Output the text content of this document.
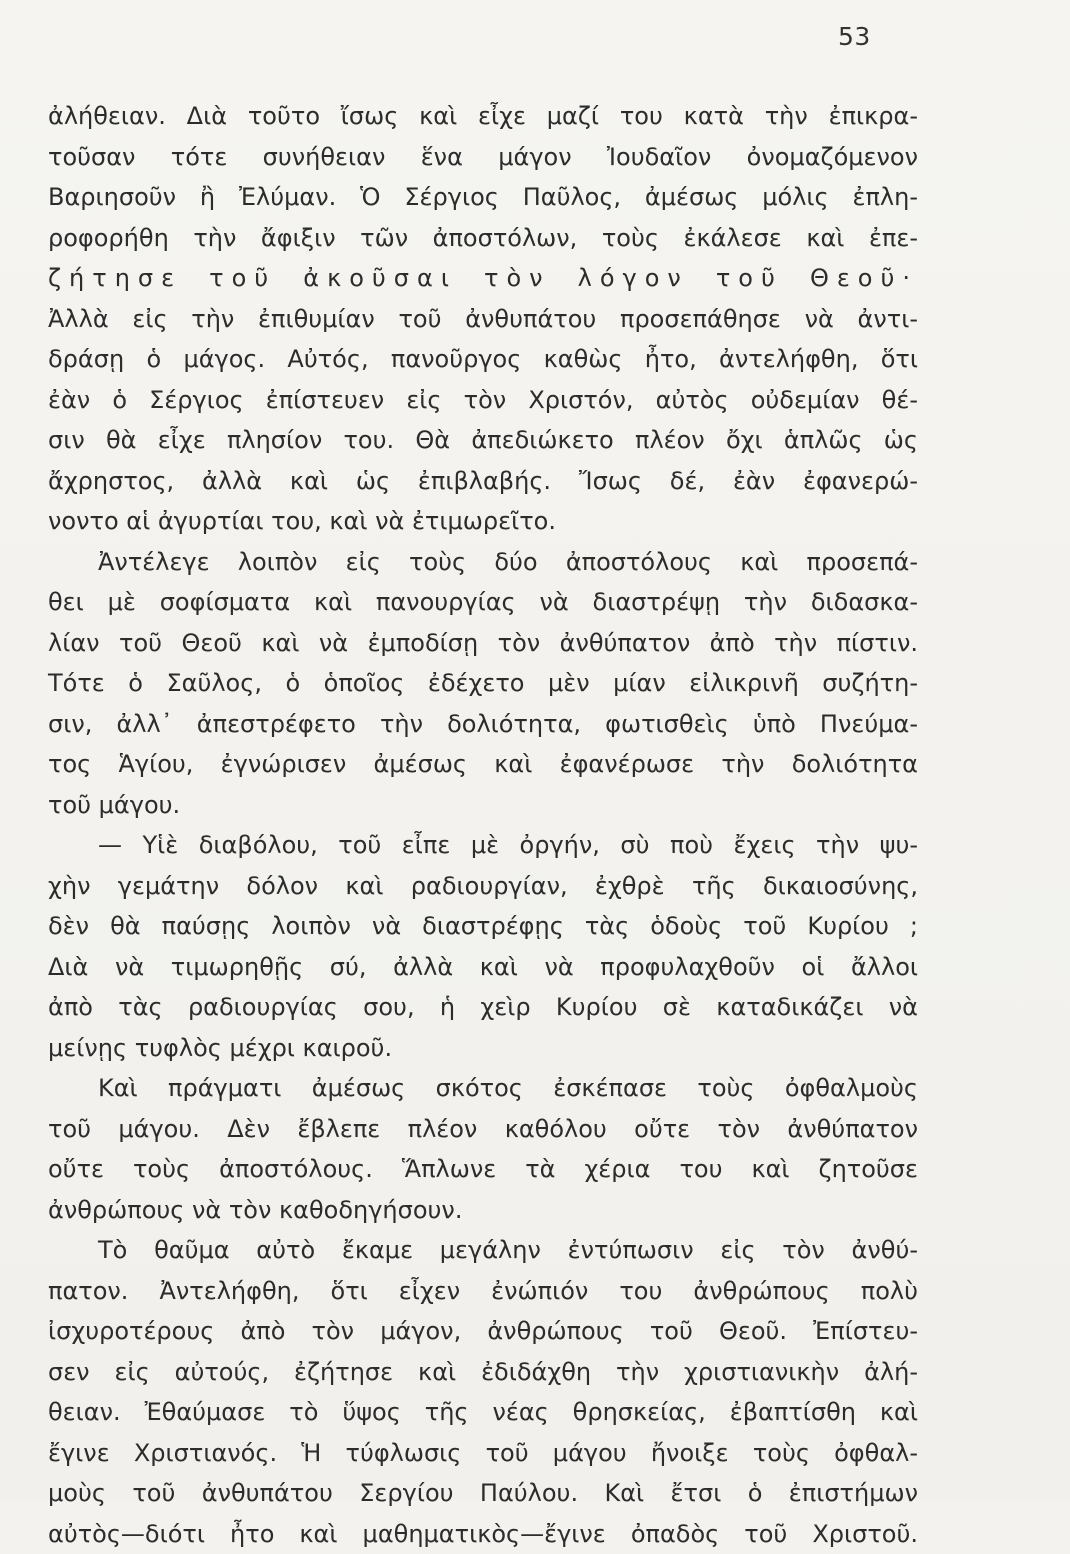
53
ἀλήθειαν. Διὰ τοῦτο ἴσως καὶ εἶχε μαζί του κατὰ τὴν ἐπικρα-
τοῦσαν τότε συνήθειαν ἕνα μάγον Ἰουδαῖον ὀνομαζόμενον
Βαριησοῦν ἢ Ἐλύμαν. Ὁ Σέργιος Παῦλος, ἀμέσως μόλις ἐπλη-
ροφορήθη τὴν ἄφιξιν τῶν ἀποστόλων, τοὺς ἐκάλεσε καὶ ἐπε-
ζήτησε τοῦ ἀκοῦσαι τὸν λόγον τοῦ Θεοῦ·
Ἀλλὰ εἰς τὴν ἐπιθυμίαν τοῦ ἀνθυπάτου προσεπάθησε νὰ ἀντι-
δράσῃ ὁ μάγος. Αὐτός, πανοῦργος καθὼς ἦτο, ἀντελήφθη, ὅτι
ἐὰν ὁ Σέργιος ἐπίστευεν εἰς τὸν Χριστόν, αὐτὸς οὐδεμίαν θέ-
σιν θὰ εἶχε πλησίον του. Θὰ ἀπεδιώκετο πλέον ὄχι ἁπλῶς ὡς
ἄχρηστος, ἀλλὰ καὶ ὡς ἐπιβλαβής. Ἴσως δέ, ἐὰν ἐφανερώ-
νοντο αἱ ἀγυρτίαι του, καὶ νὰ ἐτιμωρεῖτο.
Ἀντέλεγε λοιπὸν εἰς τοὺς δύο ἀποστόλους καὶ προσεπά-
θει μὲ σοφίσματα καὶ πανουργίας νὰ διαστρέψῃ τὴν διδασκα-
λίαν τοῦ Θεοῦ καὶ νὰ ἐμποδίσῃ τὸν ἀνθύπατον ἀπὸ τὴν πίστιν.
Τότε ὁ Σαῦλος, ὁ ὁποῖος ἐδέχετο μὲν μίαν εἰλικρινῆ συζήτη-
σιν, ἀλλ᾽ ἀπεστρέφετο τὴν δολιότητα, φωτισθεὶς ὑπὸ Πνεύμα-
τος Ἁγίου, ἐγνώρισεν ἀμέσως καὶ ἐφανέρωσε τὴν δολιότητα
τοῦ μάγου.
— Υἱὲ διαβόλου, τοῦ εἶπε μὲ ὀργήν, σὺ ποὺ ἔχεις τὴν ψυ-
χὴν γεμάτην δόλον καὶ ραδιουργίαν, ἐχθρὲ τῆς δικαιοσύνης,
δὲν θὰ παύσῃς λοιπὸν νὰ διαστρέφῃς τὰς ὁδοὺς τοῦ Κυρίου ;
Διὰ νὰ τιμωρηθῇς σύ, ἀλλὰ καὶ νὰ προφυλαχθοῦν οἱ ἄλλοι
ἀπὸ τὰς ραδιουργίας σου, ἡ χεὶρ Κυρίου σὲ καταδικάζει νὰ
μείνῃς τυφλὸς μέχρι καιροῦ.
Καὶ πράγματι ἀμέσως σκότος ἐσκέπασε τοὺς ὀφθαλμοὺς
τοῦ μάγου. Δὲν ἔβλεπε πλέον καθόλου οὔτε τὸν ἀνθύπατον
οὔτε τοὺς ἀποστόλους. Ἅπλωνε τὰ χέρια του καὶ ζητοῦσε
ἀνθρώπους νὰ τὸν καθοδηγήσουν.
Τὸ θαῦμα αὐτὸ ἔκαμε μεγάλην ἐντύπωσιν εἰς τὸν ἀνθύ-
πατον. Ἀντελήφθη, ὅτι εἶχεν ἐνώπιόν του ἀνθρώπους πολὺ
ἰσχυροτέρους ἀπὸ τὸν μάγον, ἀνθρώπους τοῦ Θεοῦ. Ἐπίστευ-
σεν εἰς αὐτούς, ἐζήτησε καὶ ἐδιδάχθη τὴν χριστιανικὴν ἀλή-
θειαν. Ἐθαύμασε τὸ ὕψος τῆς νέας θρησκείας, ἐβαπτίσθη καὶ
ἔγινε Χριστιανός. Ἡ τύφλωσις τοῦ μάγου ἤνοιξε τοὺς ὀφθαλ-
μοὺς τοῦ ἀνθυπάτου Σεργίου Παύλου. Καὶ ἔτσι ὁ ἐπιστήμων
αὐτὸς—διότι ἦτο καὶ μαθηματικὸς—ἔγινε ὀπαδὸς τοῦ Χριστοῦ.
